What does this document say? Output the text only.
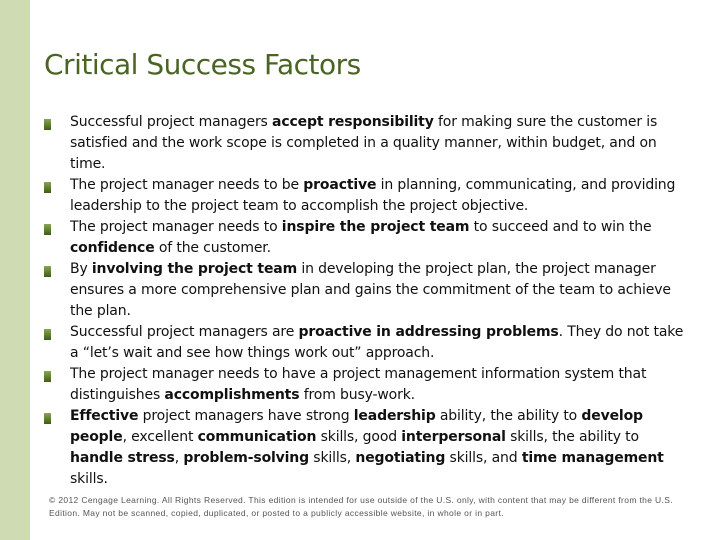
Critical Success Factors
Successful project managers accept responsibility for making sure the customer is satisfied and the work scope is completed in a quality manner, within budget, and on time.
The project manager needs to be proactive in planning, communicating, and providing leadership to the project team to accomplish the project objective.
The project manager needs to inspire the project team to succeed and to win the confidence of the customer.
By involving the project team in developing the project plan, the project manager ensures a more comprehensive plan and gains the commitment of the team to achieve the plan.
Successful project managers are proactive in addressing problems. They do not take a “let’s wait and see how things work out” approach.
The project manager needs to have a project management information system that distinguishes accomplishments from busy-work.
Effective project managers have strong leadership ability, the ability to develop people, excellent communication skills, good interpersonal skills, the ability to handle stress, problem-solving skills, negotiating skills, and time management skills.

© 2012 Cengage Learning. All Rights Reserved. This edition is intended for use outside of the U.S. only, with content that may be different from the U.S. Edition. May not be scanned, copied, duplicated, or posted to a publicly accessible website, in whole or in part.
